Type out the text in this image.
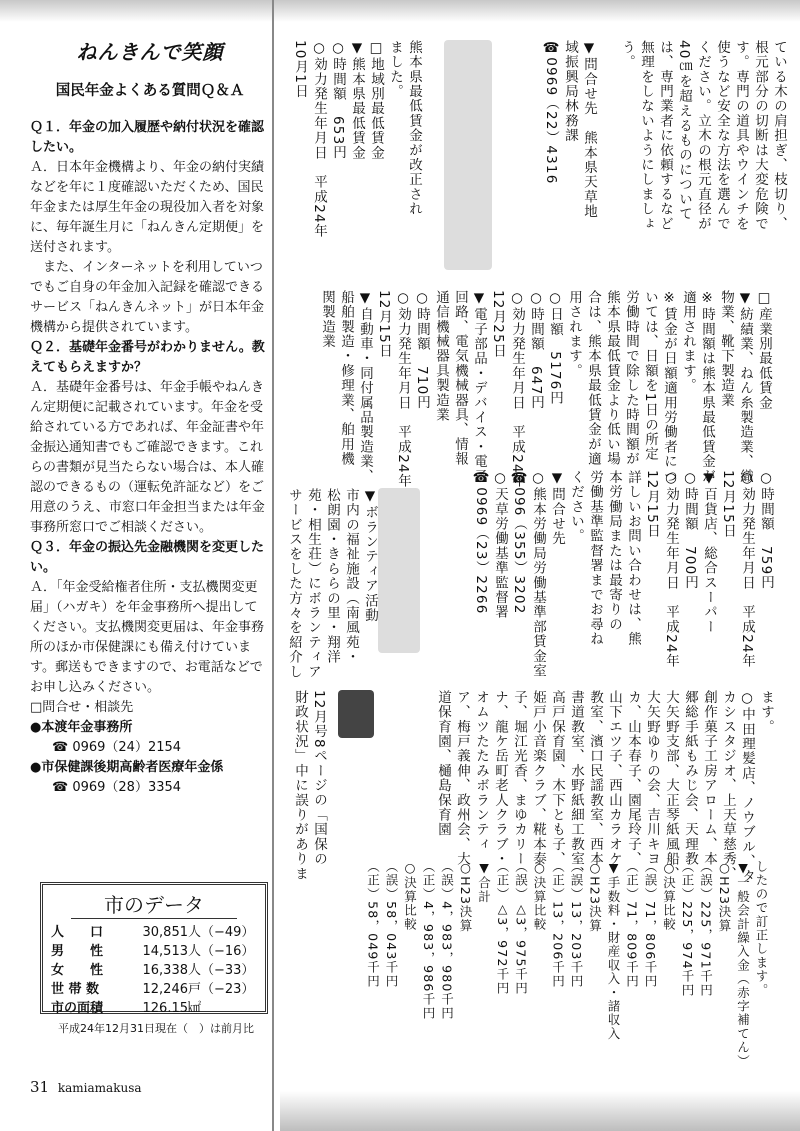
ねんきんで笑顔
国民年金よくある質問Ｑ＆Ａ

Ｑ１．年金の加入履歴や納付状況を確認したい。

Ａ．日本年金機構より、年金の納付実績などを年に１度確認いただくため、国民年金または厚生年金の現役加入者を対象に、毎年誕生月に「ねんきん定期便」を送付されます。

また、インターネットを利用していつでもご自身の年金加入記録を確認できるサービス「ねんきんネット」が日本年金機構から提供されています。

Ｑ２．基礎年金番号がわかりません。教えてもらえますか？

Ａ．基礎年金番号は、年金手帳やねんきん定期便に記載されています。年金を受給されている方であれば、年金証書や年金振込通知書でもご確認できます。これらの書類が見当たらない場合は、本人確認のできるもの（運転免許証など）をご用意のうえ、市窓口年金担当または年金事務所窓口でご相談ください。

Ｑ３．年金の振込先金融機関を変更したい。

Ａ．「年金受給権者住所・支払機関変更届」（ハガキ）を年金事務所へ提出してください。支払機関変更届は、年金事務所のほか市保健課にも備え付けています。郵送もできますので、お電話などでお申し込みください。

□問合せ・相談先

●本渡年金事務所

☎ 0969（24）2154

●市保健課後期高齢者医療年金係

☎ 0969（28）3354

市のデータ
人　　口	30,851人 （−49）
男　　性	14,513人 （−16）
女　　性	16,338人 （−33）
世 帯 数	12,246戸 （−23）
市の面積	126.15㎢
平成24年12月31日現在（　）は前月比
31 kamiamakusa
ている木の肩担ぎ、枝切り、
根元部分の切断は大変危険で
す。専門の道具やウインチを
使うなど安全な方法を選んで
ください。立木の根元直径が
40㎝を超えるものについて
は、専門業者に依頼するなど
無理をしないようにしましょ
う。

▼問合せ先　熊本県天草地
域振興局林務課
☎0969（22）4316
熊本県最低賃金が改正され
ました。
□地域別最低賃金
▼熊本県最低賃金
○時間額　653円
○効力発生年月日　平成24年
10月1日
□産業別最低賃金
▼紡績業、ねん糸製造業、織
物業、靴下製造業
※時間額は熊本県最低賃金が
適用されます。
※賃金が日額適用労働者につ
いては、日額を1日の所定
労働時間で除した時間額が
熊本県最低賃金より低い場
合は、熊本県最低賃金が適
用されます。
○日額　5176円
○時間額　647円
○効力発生年月日　平成24年
12月25日
▼電子部品・デバイス・電子
回路、電気機械器具、情報
通信機械器具製造業
○時間額　710円
○効力発生年月日　平成24年
12月15日
▼自動車・同付属品製造業、
船舶製造・修理業、舶用機
関製造業
○時間額　759円
○効力発生年月日　平成24年
12月15日
▼百貨店、総合スーパー
○時間額　700円
○効力発生年月日　平成24年
12月15日
詳しいお問い合わせは、熊
本労働局または最寄りの
労働基準監督署までお尋ね
ください。
▼問合せ先
○熊本労働局労働基準部賃金室
☎096（355）3202
○天草労働基準監督署
☎0969（23）2266
▼ボランティア活動
市内の福祉施設（南風苑・
松朗園・きららの里・翔洋
苑・相生荘）にボランティア
サービスをした方々を紹介し
ます。
○中田理髪店、ノウブル、タ
カシスタジオ、上天草慈秀、
創作菓子工房アローム、本
郷総手紙もみじ会、天理教
大矢野支部、大正琴紙風船、
大矢野ゆりの会、吉川キヨ
カ、山本春子、園尾玲子、
山下エツ子、西山カラオケ
教室、濱口民謡教室、西本
書道教室、水野紙細工教室、
高戸保育園、木下とも子、
姫戸小音楽クラブ、糀本泰
子、堀江光香、まゆカリー
ナ、龍ケ岳町老人クラブ・
オムツたたみボランティ
ア、梅戸義伸、政州会、大
道保育園、樋島保育園
12月号8ページの「国保の
財政状況」中に誤りがありま
したので訂正します。
▼一般会計繰入金（赤字補てん）
○H23決算
（誤）225，971千円
（正）225，974千円
○決算比較
（誤）71，806千円
（正）71，809千円
▼手数料・財産収入・諸収入
○H23決算
（誤）13，203千円
（正）13，206千円
○決算比較
（誤）△3，975千円
（正）△3，972千円
▼合計
○H23決算
（誤）4，983，980千円
（正）4，983，986千円
○決算比較
（誤）58，043千円
（正）58，049千円
